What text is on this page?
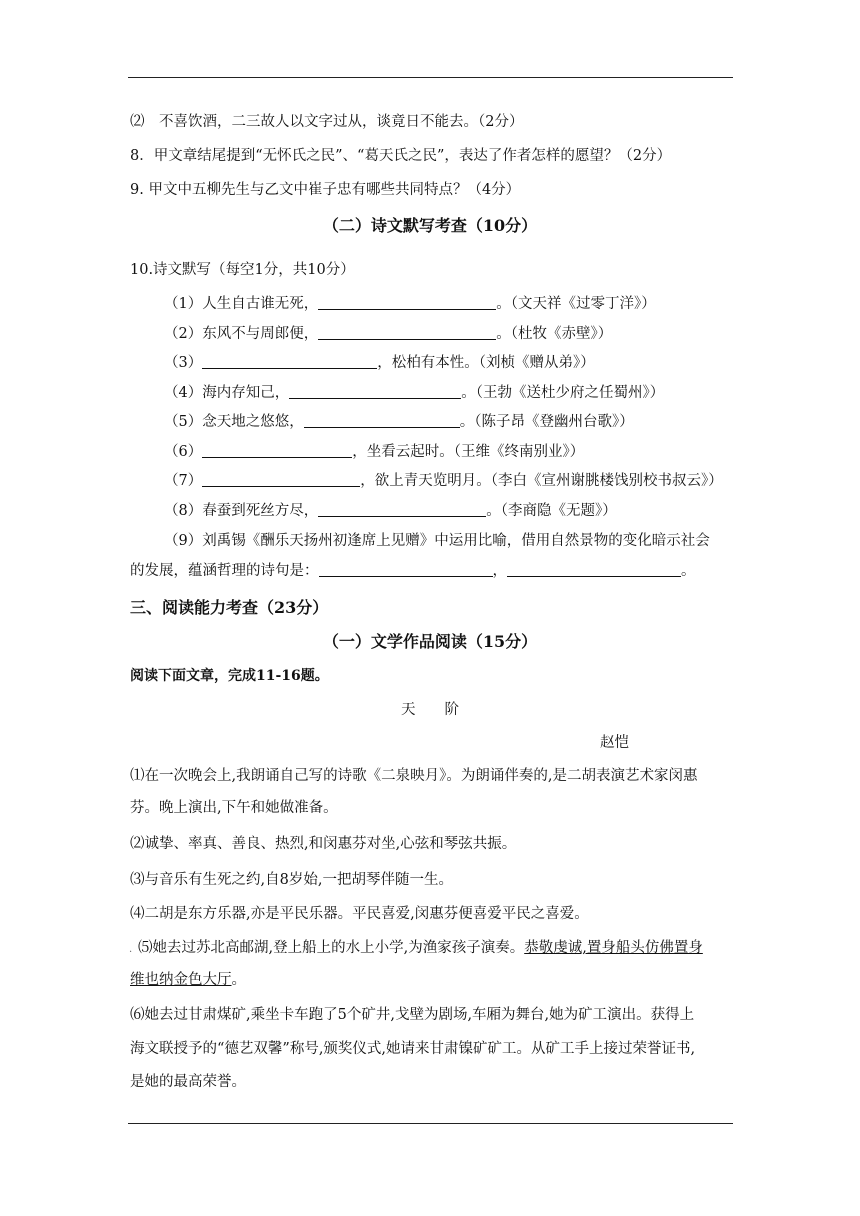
⑵　不喜饮酒，二三故人以文字过从，谈竟日不能去。（2分）
8．甲文章结尾提到“无怀氏之民”、“葛天氏之民”，表达了作者怎样的愿望？（2分）
9. 甲文中五柳先生与乙文中崔子忠有哪些共同特点？（4分）
（二）诗文默写考查（10分）
10.诗文默写（每空1分，共10分）
（1）人生自古谁无死，	。（文天祥《过零丁洋》）
（2）东风不与周郎便，	。（杜牧《赤壁》）
（3）	，松柏有本性。（刘桢《赠从弟》）
（4）海内存知己，	。（王勃《送杜少府之任蜀州》）
（5）念天地之悠悠，	。（陈子昂《登幽州台歌》）
（6）	，坐看云起时。（王维《终南别业》）
（7）	，欲上青天览明月。（李白《宣州谢朓楼饯别校书叔云》）
（8）春蚕到死丝方尽，	。（李商隐《无题》）
（9）刘禹锡《酬乐天扬州初逢席上见赠》中运用比喻，借用自然景物的变化暗示社会
的发展，蕴涵哲理的诗句是：	，	。
三、阅读能力考查（23分）
（一）文学作品阅读（15分）
阅读下面文章，完成11-16题。
天　　阶
赵恺
⑴在一次晚会上,我朗诵自己写的诗歌《二泉映月》。为朗诵伴奏的,是二胡表演艺术家闵惠
芬。晚上演出,下午和她做准备。
⑵诚挚、率真、善良、热烈,和闵惠芬对坐,心弦和琴弦共振。
⑶与音乐有生死之约,自8岁始,一把胡琴伴随一生。
⑷二胡是东方乐器,亦是平民乐器。平民喜爱,闵惠芬便喜爱平民之喜爱。
. ⑸她去过苏北高邮湖,登上船上的水上小学,为渔家孩子演奏。恭敬虔诚,置身船头仿佛置身
维也纳金色大厅。
⑹她去过甘肃煤矿,乘坐卡车跑了5个矿井,戈壁为剧场,车厢为舞台,她为矿工演出。获得上
海文联授予的“德艺双馨”称号,颁奖仪式,她请来甘肃镍矿矿工。从矿工手上接过荣誉证书,
是她的最高荣誉。
